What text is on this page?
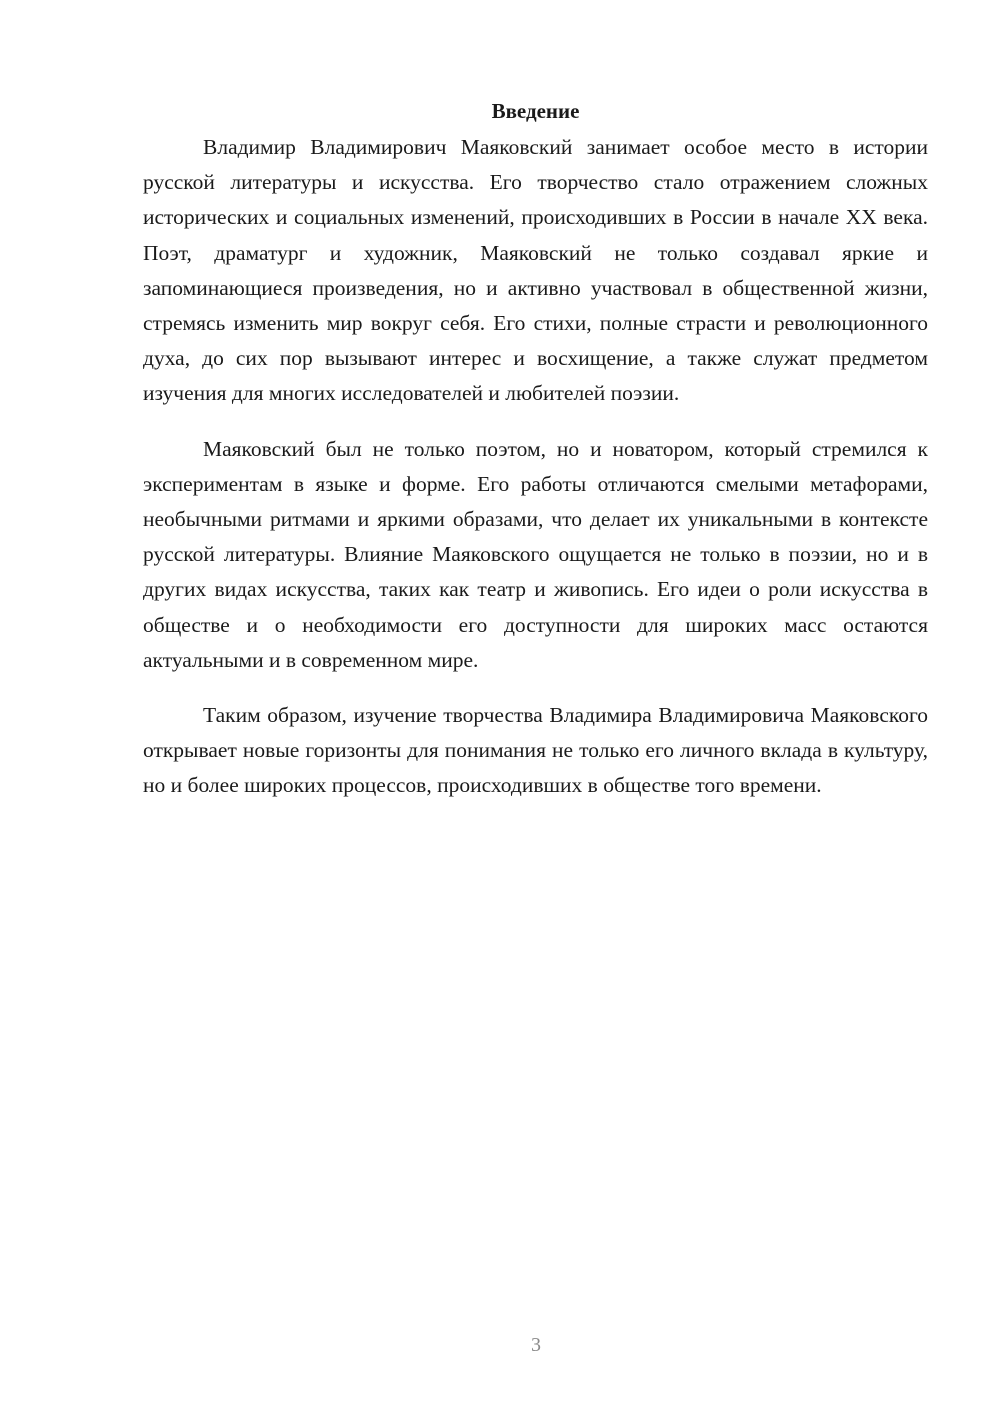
Введение

Владимир Владимирович Маяковский занимает особое место в истории русской литературы и искусства. Его творчество стало отражением сложных исторических и социальных изменений, происходивших в России в начале XX века. Поэт, драматург и художник, Маяковский не только создавал яркие и запоминающиеся произведения, но и активно участвовал в общественной жизни, стремясь изменить мир вокруг себя. Его стихи, полные страсти и революционного духа, до сих пор вызывают интерес и восхищение, а также служат предметом изучения для многих исследователей и любителей поэзии.

Маяковский был не только поэтом, но и новатором, который стремился к экспериментам в языке и форме. Его работы отличаются смелыми метафорами, необычными ритмами и яркими образами, что делает их уникальными в контексте русской литературы. Влияние Маяковского ощущается не только в поэзии, но и в других видах искусства, таких как театр и живопись. Его идеи о роли искусства в обществе и о необходимости его доступности для широких масс остаются актуальными и в современном мире.

Таким образом, изучение творчества Владимира Владимировича Маяковского открывает новые горизонты для понимания не только его личного вклада в культуру, но и более широких процессов, происходивших в обществе того времени.

3
